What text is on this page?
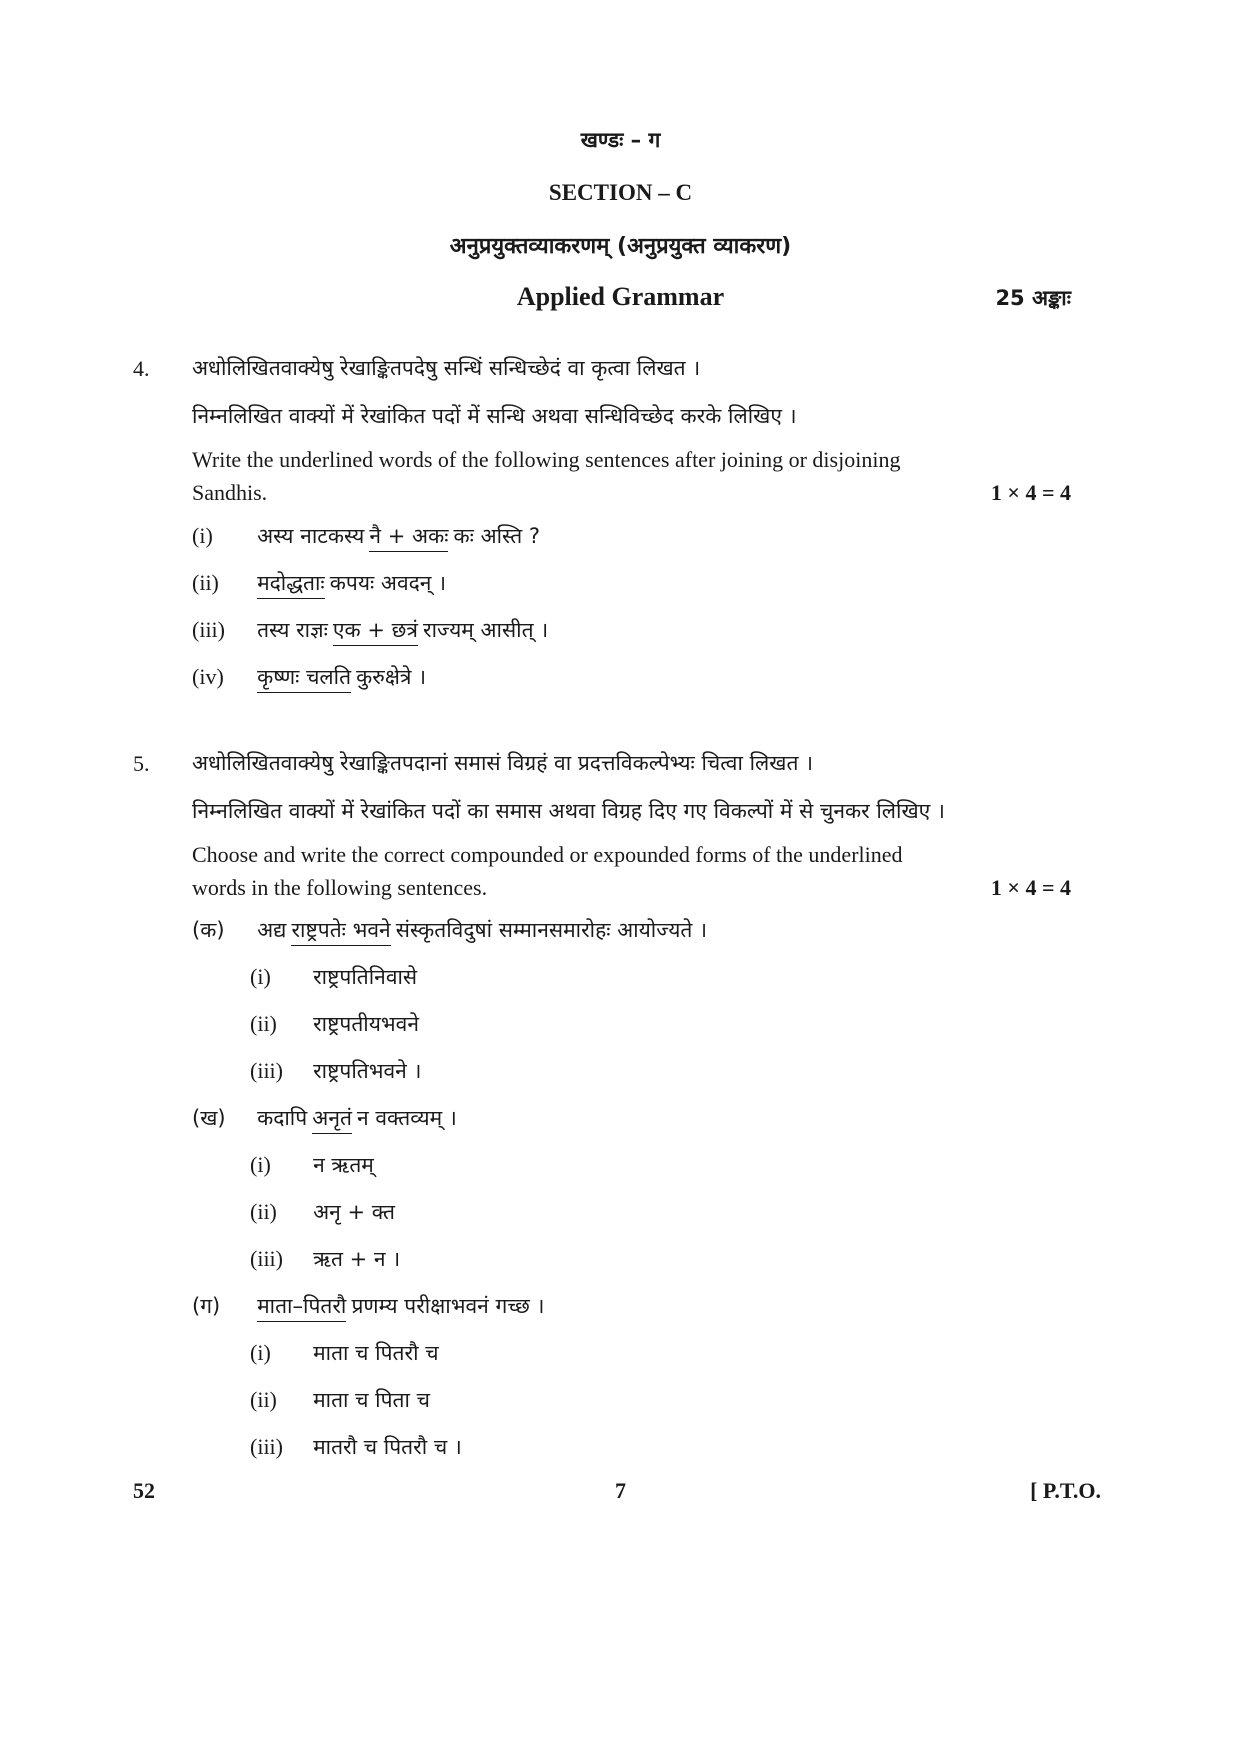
खण्डः – ग
SECTION – C
अनुप्रयुक्तव्याकरणम् (अनुप्रयुक्त व्याकरण)
Applied Grammar	25 अङ्काः
4. अधोलिखितवाक्येषु रेखाङ्कितपदेषु सन्धिं सन्धिच्छेदं वा कृत्वा लिखत ।
निम्नलिखित वाक्यों में रेखांकित पदों में सन्धि अथवा सन्धिविच्छेद करके लिखिए ।
Write the underlined words of the following sentences after joining or disjoining
Sandhis.	1 × 4 = 4
(i) अस्य नाटकस्य नै + अकः कः अस्ति ?
(ii) मदोद्धताः कपयः अवदन् ।
(iii) तस्य राज्ञः एक + छत्रं राज्यम् आसीत् ।
(iv) कृष्णः चलति कुरुक्षेत्रे ।
5. अधोलिखितवाक्येषु रेखाङ्कितपदानां समासं विग्रहं वा प्रदत्तविकल्पेभ्यः चित्वा लिखत ।
निम्नलिखित वाक्यों में रेखांकित पदों का समास अथवा विग्रह दिए गए विकल्पों में से चुनकर लिखिए ।
Choose and write the correct compounded or expounded forms of the underlined
words in the following sentences.	1 × 4 = 4
(क) अद्य राष्ट्रपतेः भवने संस्कृतविदुषां सम्मानसमारोहः आयोज्यते ।
(i) राष्ट्रपतिनिवासे
(ii) राष्ट्रपतीयभवने
(iii) राष्ट्रपतिभवने ।
(ख) कदापि अनृतं न वक्तव्यम् ।
(i) न ऋतम्
(ii) अनृ + क्त
(iii) ऋत + न ।
(ग) माता–पितरौ प्रणम्य परीक्षाभवनं गच्छ ।
(i) माता च पितरौ च
(ii) माता च पिता च
(iii) मातरौ च पितरौ च ।
52	7	[ P.T.O.
